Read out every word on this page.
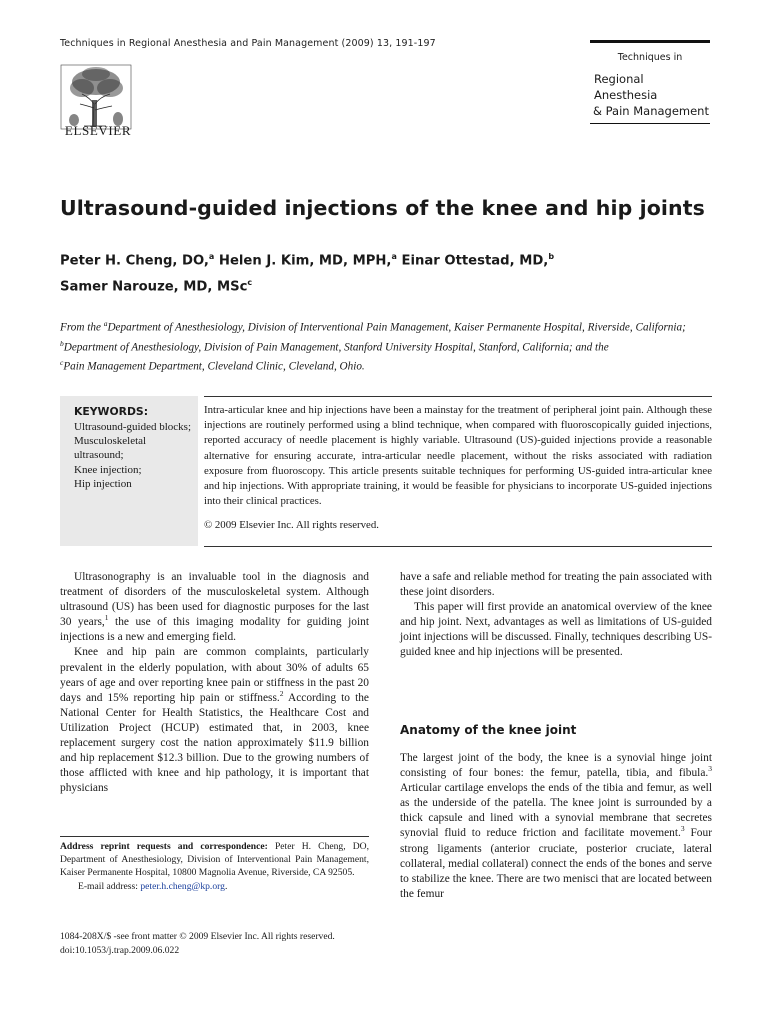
Techniques in Regional Anesthesia and Pain Management (2009) 13, 191-197
ELSEVIER
Techniques in
Regional Anesthesia
& Pain Management
Ultrasound-guided injections of the knee and hip joints
Peter H. Cheng, DO,$^a$ Helen J. Kim, MD, MPH,$^a$ Einar Ottestad, MD,$^b$
Samer Narouze, MD, MSc$^c$

From the $^a$Department of Anesthesiology, Division of Interventional Pain Management, Kaiser Permanente Hospital, Riverside, California;

$^b$Department of Anesthesiology, Division of Pain Management, Stanford University Hospital, Stanford, California; and the

$^c$Pain Management Department, Cleveland Clinic, Cleveland, Ohio.

KEYWORDS:
Ultrasound-guided blocks;
Musculoskeletal ultrasound;
Knee injection;
Hip injection
Intra-articular knee and hip injections have been a mainstay for the treatment of peripheral joint pain. Although these injections are routinely performed using a blind technique, when compared with fluoroscopically guided injections, reported accuracy of needle placement is highly variable. Ultrasound (US)-guided injections provide a reasonable alternative for ensuring accurate, intra-articular needle placement, without the risks associated with radiation exposure from fluoroscopy. This article presents suitable techniques for performing US-guided intra-articular knee and hip injections. With appropriate training, it would be feasible for physicians to incorporate US-guided injections into their clinical practices.
© 2009 Elsevier Inc. All rights reserved.

Ultrasonography is an invaluable tool in the diagnosis and treatment of disorders of the musculoskeletal system. Although ultrasound (US) has been used for diagnostic purposes for the last 30 years,$^1$ the use of this imaging modality for guiding joint injections is a new and emerging field.

Knee and hip pain are common complaints, particularly prevalent in the elderly population, with about 30% of adults 65 years of age and over reporting knee pain or stiffness in the past 20 days and 15% reporting hip pain or stiffness.$^2$ According to the National Center for Health Statistics, the Healthcare Cost and Utilization Project (HCUP) estimated that, in 2003, knee replacement surgery cost the nation approximately $11.9 billion and hip replacement $12.3 billion. Due to the growing numbers of those afflicted with knee and hip pathology, it is important that physicians

have a safe and reliable method for treating the pain associated with these joint disorders.

This paper will first provide an anatomical overview of the knee and hip joint. Next, advantages as well as limitations of US-guided joint injections will be discussed. Finally, techniques describing US-guided knee and hip injections will be presented.

Anatomy of the knee joint

The largest joint of the body, the knee is a synovial hinge joint consisting of four bones: the femur, patella, tibia, and fibula.$^3$ Articular cartilage envelops the ends of the tibia and femur, as well as the underside of the patella. The knee joint is surrounded by a thick capsule and lined with a synovial membrane that secretes synovial fluid to reduce friction and facilitate movement.$^3$ Four strong ligaments (anterior cruciate, posterior cruciate, lateral collateral, medial collateral) connect the ends of the bones and serve to stabilize the knee. There are two menisci that are located between the femur

Address reprint requests and correspondence: Peter H. Cheng, DO, Department of Anesthesiology, Division of Interventional Pain Management, Kaiser Permanente Hospital, 10800 Magnolia Avenue, Riverside, CA 92505.

E-mail address: peter.h.cheng@kp.org.

1084-208X/$ -see front matter © 2009 Elsevier Inc. All rights reserved.
doi:10.1053/j.trap.2009.06.022
